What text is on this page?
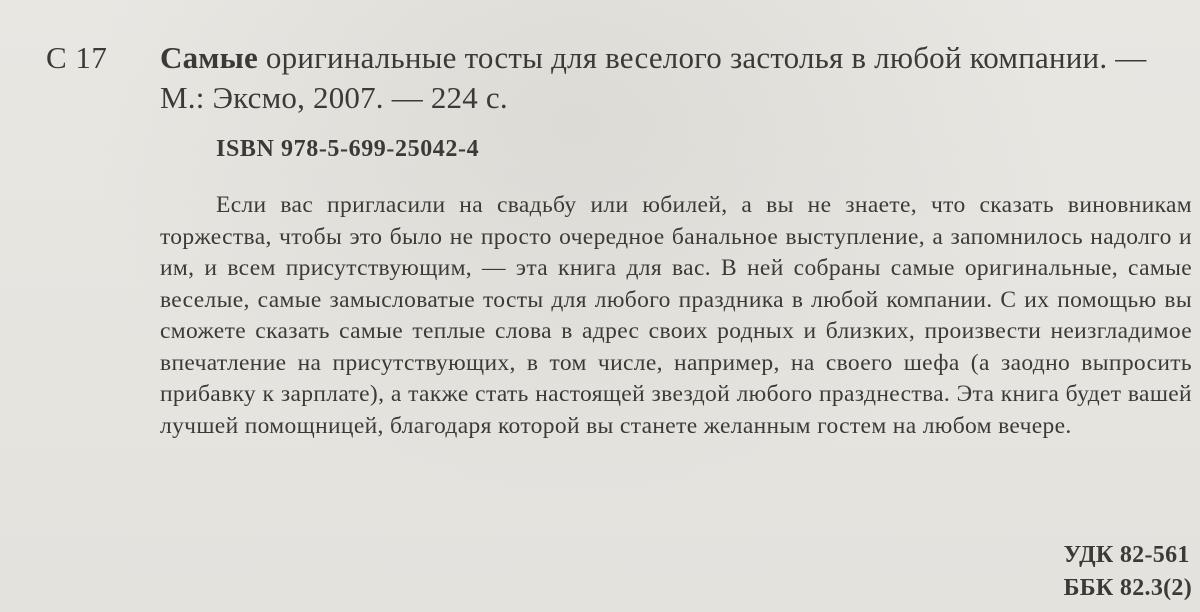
С 17 Самые оригинальные тосты для веселого застолья в любой компании. — М.: Эксмо, 2007. — 224 с.
ISBN 978-5-699-25042-4
Если вас пригласили на свадьбу или юбилей, а вы не знаете, что сказать виновникам торжества, чтобы это было не просто очередное банальное выступление, а запомнилось надолго и им, и всем присутствующим, — эта книга для вас. В ней собраны самые оригинальные, самые веселые, самые замысловатые тосты для любого праздника в любой компании. С их помощью вы сможете сказать самые теплые слова в адрес своих родных и близких, произвести неизгладимое впечатление на присутствующих, в том числе, например, на своего шефа (а заодно выпросить прибавку к зарплате), а также стать настоящей звездой любого празднества. Эта книга будет вашей лучшей помощницей, благодаря которой вы станете желанным гостем на любом вечере.
УДК 82-561
ББК 82.3(2)
